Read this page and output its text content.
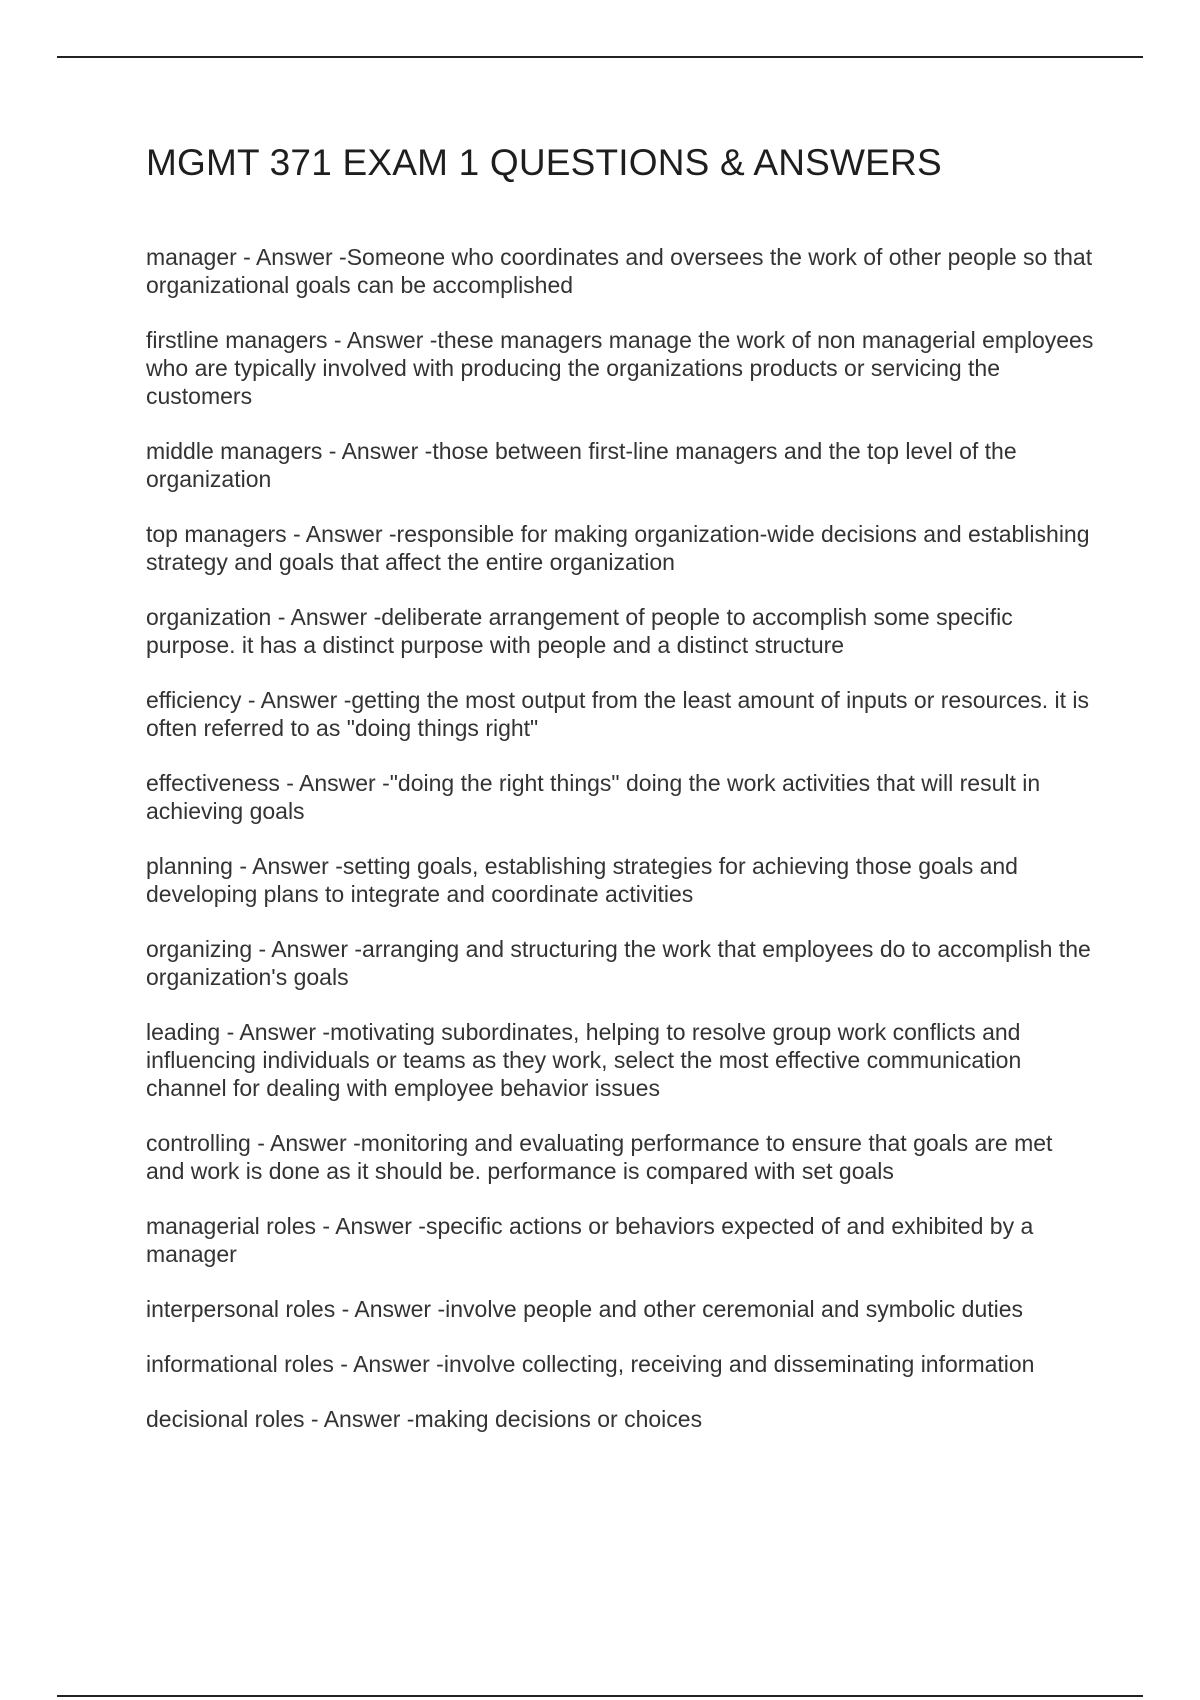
MGMT 371 EXAM 1 QUESTIONS & ANSWERS
manager - Answer -Someone who coordinates and oversees the work of other people so that organizational goals can be accomplished
firstline managers - Answer -these managers manage the work of non managerial employees who are typically involved with producing the organizations products or servicing the customers
middle managers - Answer -those between first-line managers and the top level of the organization
top managers - Answer -responsible for making organization-wide decisions and establishing strategy and goals that affect the entire organization
organization - Answer -deliberate arrangement of people to accomplish some specific purpose. it has a distinct purpose with people and a distinct structure
efficiency - Answer -getting the most output from the least amount of inputs or resources. it is often referred to as "doing things right"
effectiveness - Answer -"doing the right things" doing the work activities that will result in achieving goals
planning - Answer -setting goals, establishing strategies for achieving those goals and developing plans to integrate and coordinate activities
organizing - Answer -arranging and structuring the work that employees do to accomplish the organization's goals
leading - Answer -motivating subordinates, helping to resolve group work conflicts and influencing individuals or teams as they work, select the most effective communication channel for dealing with employee behavior issues
controlling - Answer -monitoring and evaluating performance to ensure that goals are met and work is done as it should be. performance is compared with set goals
managerial roles - Answer -specific actions or behaviors expected of and exhibited by a manager
interpersonal roles - Answer -involve people and other ceremonial and symbolic duties
informational roles - Answer -involve collecting, receiving and disseminating information
decisional roles - Answer -making decisions or choices
